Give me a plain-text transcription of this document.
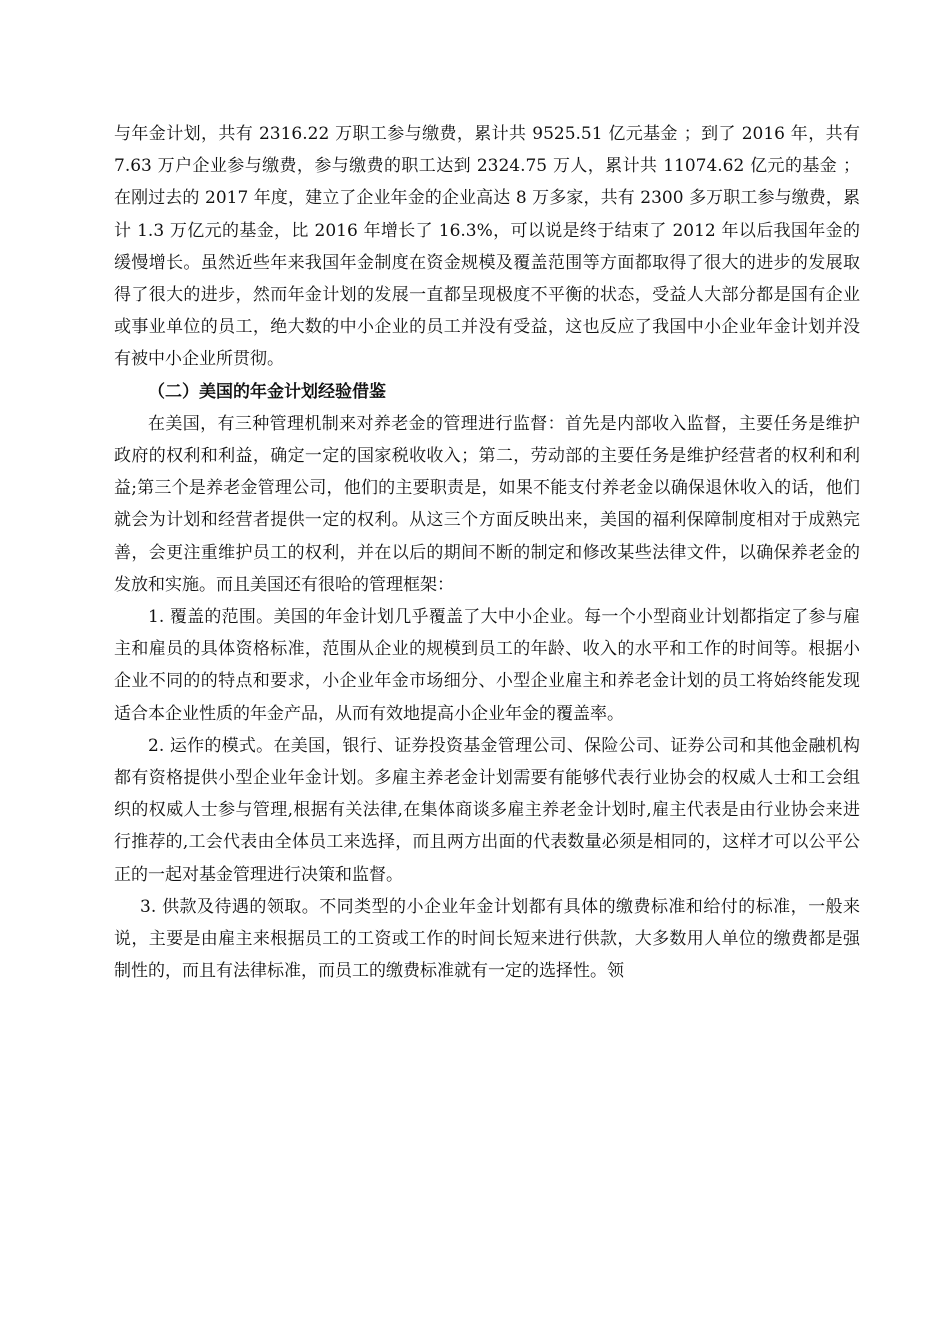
与年金计划，共有 2316.22 万职工参与缴费，累计共 9525.51 亿元基金 ；到了 2016 年，共有 7.63 万户企业参与缴费，参与缴费的职工达到 2324.75 万人，累计共 11074.62 亿元的基金 ；在刚过去的 2017 年度，建立了企业年金的企业高达 8 万多家，共有 2300 多万职工参与缴费，累计 1.3 万亿元的基金，比 2016 年增长了 16.3%，可以说是终于结束了 2012 年以后我国年金的缓慢增长。虽然近些年来我国年金制度在资金规模及覆盖范围等方面都取得了很大的进步的发展取得了很大的进步，然而年金计划的发展一直都呈现极度不平衡的状态，受益人大部分都是国有企业或事业单位的员工，绝大数的中小企业的员工并没有受益，这也反应了我国中小企业年金计划并没有被中小企业所贯彻。

（二）美国的年金计划经验借鉴

在美国，有三种管理机制来对养老金的管理进行监督：首先是内部收入监督，主要任务是维护政府的权利和利益，确定一定的国家税收收入；第二，劳动部的主要任务是维护经营者的权利和利益;第三个是养老金管理公司，他们的主要职责是，如果不能支付养老金以确保退休收入的话，他们就会为计划和经营者提供一定的权利。从这三个方面反映出来，美国的福利保障制度相对于成熟完善，会更注重维护员工的权利，并在以后的期间不断的制定和修改某些法律文件，以确保养老金的发放和实施。而且美国还有很哈的管理框架：

1. 覆盖的范围。美国的年金计划几乎覆盖了大中小企业。每一个小型商业计划都指定了参与雇主和雇员的具体资格标准，范围从企业的规模到员工的年龄、收入的水平和工作的时间等。根据小企业不同的的特点和要求，小企业年金市场细分、小型企业雇主和养老金计划的员工将始终能发现适合本企业性质的年金产品，从而有效地提高小企业年金的覆盖率。

2. 运作的模式。在美国，银行、证券投资基金管理公司、保险公司、证券公司和其他金融机构都有资格提供小型企业年金计划。多雇主养老金计划需要有能够代表行业协会的权威人士和工会组织的权威人士参与管理,根据有关法律,在集体商谈多雇主养老金计划时,雇主代表是由行业协会来进行推荐的,工会代表由全体员工来选择，而且两方出面的代表数量必须是相同的，这样才可以公平公正的一起对基金管理进行决策和监督。

3. 供款及待遇的领取。不同类型的小企业年金计划都有具体的缴费标准和给付的标准，一般来说，主要是由雇主来根据员工的工资或工作的时间长短来进行供款，大多数用人单位的缴费都是强制性的，而且有法律标准，而员工的缴费标准就有一定的选择性。领
